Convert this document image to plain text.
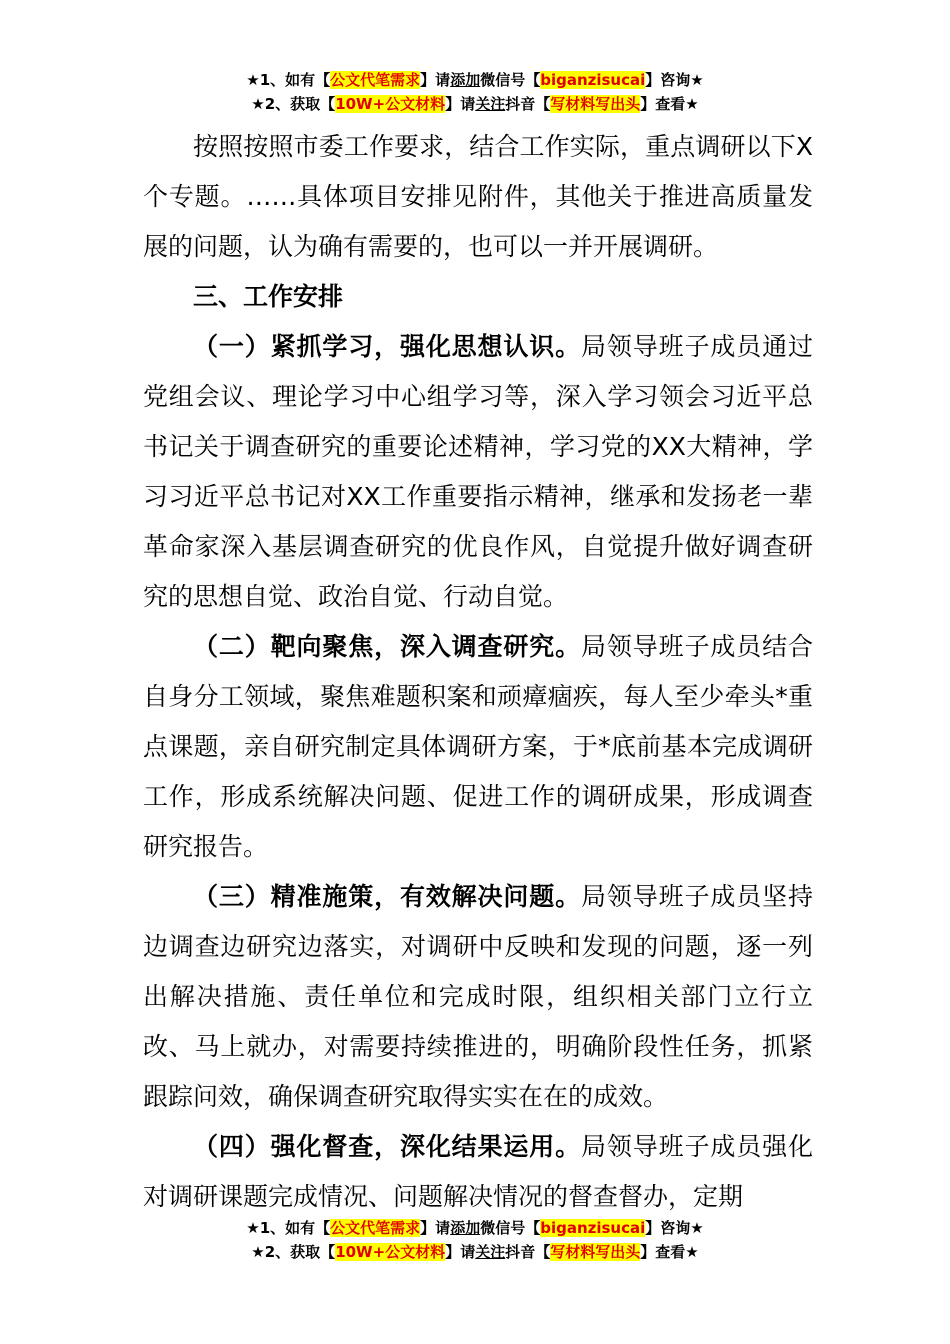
★1、如有【公文代笔需求】请添加微信号【biganzisucai】咨询★
★2、获取【10W+公文材料】请关注抖音【写材料写出头】查看★

按照按照市委工作要求，结合工作实际，重点调研以下X个专题。……具体项目安排见附件，其他关于推进高质量发展的问题，认为确有需要的，也可以一并开展调研。

三、工作安排

（一）紧抓学习，强化思想认识。局领导班子成员通过党组会议、理论学习中心组学习等，深入学习领会习近平总书记关于调查研究的重要论述精神，学习党的XX大精神，学习习近平总书记对XX工作重要指示精神，继承和发扬老一辈革命家深入基层调查研究的优良作风，自觉提升做好调查研究的思想自觉、政治自觉、行动自觉。

（二）靶向聚焦，深入调查研究。局领导班子成员结合自身分工领域，聚焦难题积案和顽瘴痼疾，每人至少牵头*重点课题，亲自研究制定具体调研方案，于*底前基本完成调研工作，形成系统解决问题、促进工作的调研成果，形成调查研究报告。

（三）精准施策，有效解决问题。局领导班子成员坚持边调查边研究边落实，对调研中反映和发现的问题，逐一列出解决措施、责任单位和完成时限，组织相关部门立行立改、马上就办，对需要持续推进的，明确阶段性任务，抓紧跟踪问效，确保调查研究取得实实在在的成效。

（四）强化督查，深化结果运用。局领导班子成员强化对调研课题完成情况、问题解决情况的督查督办，定期

★1、如有【公文代笔需求】请添加微信号【biganzisucai】咨询★
★2、获取【10W+公文材料】请关注抖音【写材料写出头】查看★
